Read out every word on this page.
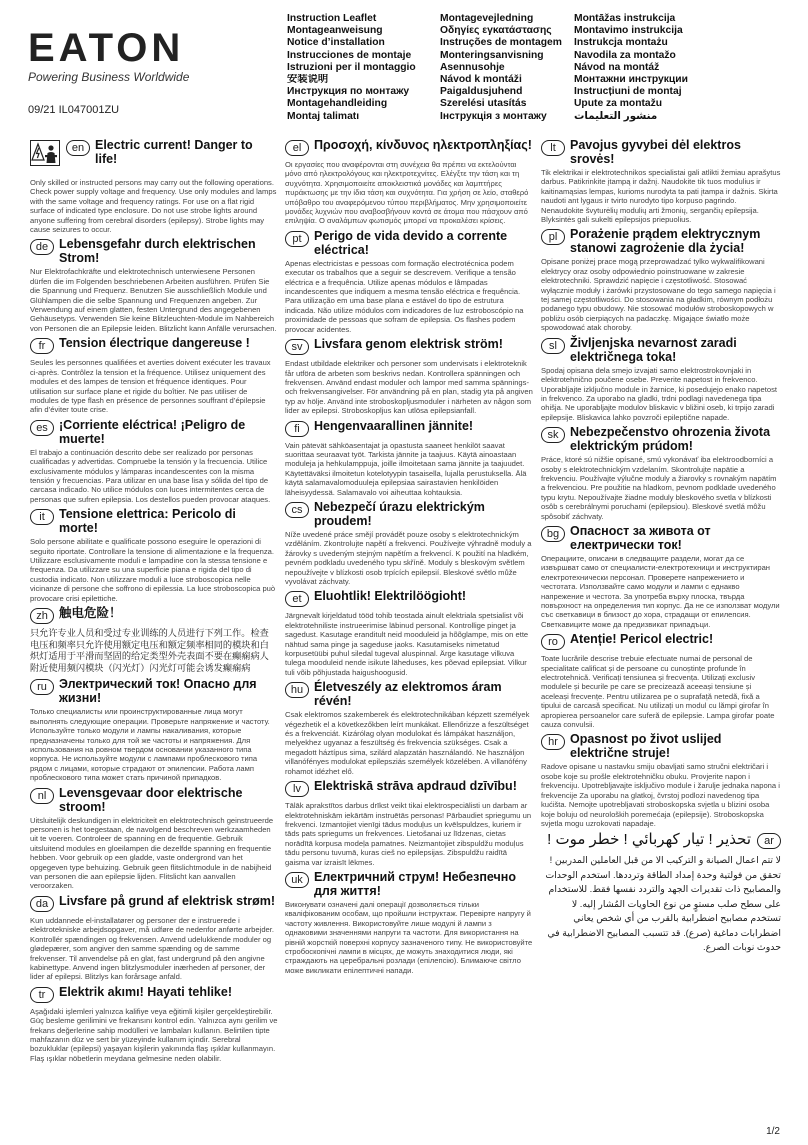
EATON
Powering Business Worldwide
09/21 IL047001ZU
Instruction Leaflet
Montageanweisung
Notice d’installation
Instrucciones de montaje
Istruzioni per il montaggio
安装说明
Инструкция по монтажу
Montagehandleiding
Montaj talimatı
Montagevejledning
Οδηγίες εγκατάστασης
Instruções de montagem
Monteringsanvisning
Asennusohje
Návod k montáži
Paigaldusjuhend
Szerelési utasítás
Інструкція з монтажу
Montāžas instrukcija
Montavimo instrukcija
Instrukcja montażu
Navodila za montažo
Návod na montáž
Монтажни инструкции
Instrucțiuni de montaj
Upute za montažu
منشور التعليمات
en Electric current! Danger to life!
Only skilled or instructed persons may carry out the following operations. Check power supply voltage and frequency. Use only modules and lamps with the same voltage and frequency ratings. For use on a flat rigid surface of indicated type enclosure. Do not use strobe lights around anyone suffering from cerebral disorders (epilepsy). Strobe lights may cause seizures to occur.
de Lebensgefahr durch elektrischen Strom!
Nur Elektrofachkräfte und elektrotechnisch unterwiesene Personen dürfen die im Folgenden beschriebenen Arbeiten ausführen. Prüfen Sie die Spannung und Frequenz. Benutzen Sie ausschließlich Module und Glühlampen die die selbe Spannung und Frequenzen angeben. Zur Verwendung auf einem glatten, festen Untergrund des angegebenen Gehäusetyps. Verwenden Sie keine Blitzleuchten-Module im Nahbereich von Personen die an Epilepsie leiden. Blitzlicht kann Anfälle verursachen.
fr	Tension électrique dangereuse !
Seules les personnes qualifiées et averties doivent exécuter les travaux ci-après. Contrôlez la tension et la fréquence. Utilisez uniquement des modules et des lampes de tension et fréquence identiques. Pour utilisation sur surface plane et rigide du boîtier. Ne pas utiliser de modules de type flash en présence de personnes souffrant d’épilepsie afin d’éviter toute crise.
es ¡Corriente eléctrica! ¡Peligro de muerte!
El trabajo a continuación descrito debe ser realizado por personas cualificadas y advertidas. Compruebe la tensión y la frecuencia. Utilice exclusivamente módulos y lámparas incandescentes con la misma tensión y frecuencias. Para utilizar en una base lisa y sólida del tipo de carcasa indicado. No utilice módulos con luces intermitentes cerca de personas que sufren epilepsia. Los destellos pueden provocar ataques.
it	Tensione elettrica: Pericolo di morte!
Solo persone abilitate e qualificate possono eseguire le operazioni di seguito riportate. Controllare la tensione di alimentazione e la frequenza. Utilizzare esclusivamente moduli e lampadine con la stessa tensione e frequenza. Da utilizzare su una superficie piana e rigida del tipo di custodia indicato. Non utilizzare moduli a luce stroboscopica nelle vicinanze di persone che soffrono di epilessia. La luce stroboscopica può provocare crisi epilettiche.
zh 触电危险！
只允许专业人员和受过专业训练的人员进行下列工作。检查电压和频率只允许使用额定电压和额定频率相同的模块和白炽灯适用于平滑而坚固的给定类型外壳表面不要在癫痫病人附近使用频闪模块（闪光灯）闪光灯可能会诱发癫痫病
ru Электрический ток! Опасно для жизни!
Только специалисты или проинструктированные лица могут выполнять следующие операции. Проверьте напряжение и частоту. Используйте только модули и лампы накаливания, которые предназначены только для той же частоты и напряжения. Для использования на ровном твердом основании указанного типа корпуса. Не используйте модули с лампами проблескового типа рядом с лицами, которые страдают от эпилепсии. Работа ламп проблескового типа может стать причиной припадков.
nl	Levensgevaar door elektrische stroom!
Uitsluitelijk deskundigen in elektriciteit en elektrotechnisch geinstrueerde personen is het toegestaan, de navolgend beschreven werkzaamheden uit te voeren. Controleer de spanning en de frequentie. Gebruik uitsluitend modules en gloeilampen die dezelfde spanning en frequentie hebben. Voor gebruik op een gladde, vaste ondergrond van het opgegeven type behuizing. Gebruik geen flitslichtmodule in de nabijheid van personen die aan epilepsie lijden. Flitslicht kan aanvallen veroorzaken.
da Livsfare på grund af elektrisk strøm!
Kun uddannede el-installatører og personer der e instruerede i elektrotekniske arbejdsopgaver, må udføre de nedenfor anførte arbejder. Kontrollér spændingen og frekvensen. Anvend udelukkende moduler og glødepærer, som angiver den samme spænding og de samme frekvenser. Til anvendelse på en glat, fast undergrund på den angivne kabinettype. Anvend ingen blitzlysmoduler inærheden af personer, der lider af epilepsi. Blitzlys kan forårsage anfald.
tr	Elektrik akımı! Hayati tehlike!
Aşağıdaki işlemleri yalnızca kalifiye veya eğitimli kişiler gerçekleştirebilir. Güç besleme gerilimini ve frekansını kontrol edin. Yalnızca aynı gerilim ve frekans değerlerine sahip modülleri ve lambaları kullanın. Belirtilen tipte mahfazanın düz ve sert bir yüzeyinde kullanım içindir. Serebral bozukluklar (epilepsi) yaşayan kişilerin yakınında flaş ışıklar kullanmayın. Flaş ışıklar nöbetlerin meydana gelmesine neden olabilir.
el	Προσοχή, κίνδυνος ηλεκτροπληξίας!
Οι εργασίες που αναφέρονται στη συνέχεια θα πρέπει να εκτελούνται μόνο από ηλεκτρολόγους και ηλεκτροτεχνίτες. Ελέγξτε την τάση και τη συχνότητα. Χρησιμοποιείτε αποκλειστικά μονάδες και λαμπτήρες πυράκτωσης με την ίδια τάση και συχνότητα. Για χρήση σε λείο, σταθερό υπόβαθρο του αναφερόμενου τύπου περιβλήματος. Μην χρησιμοποιείτε μονάδες λυχνιών που αναβοσβήνουν κοντά σε άτομα που πάσχουν από επιληψία. Ο αναλάμπων φωτισμός μπορεί να προκαλέσει κρίσεις.
pt Perigo de vida devido a corrente eléctrica!
Apenas electricistas e pessoas com formação electrotécnica podem executar os trabalhos que a seguir se descrevem. Verifique a tensão eléctrica e a frequência. Utilize apenas módulos e lâmpadas incandescentes que indiquem a mesma tensão eléctrica e frequência. Para utilização em uma base plana e estável do tipo de estrutura indicada. Não utilize módulos com indicadores de luz estroboscópio na proximidade de pessoas que sofram de epilepsia. Os flashes podem provocar acidentes.
sv Livsfara genom elektrisk ström!
Endast utbildade elektriker och personer som undervisats i elektroteknik får utföra de arbeten som beskrivs nedan. Kontrollera spänningen och frekvensen. Använd endast moduler och lampor med samma spännings- och frekvensangivelser. För användning på en plan, stadig yta på angiven typ av hölje. Använd inte stroboskopljusmoduler i närheten av någon som lider av epilepsi. Stroboskopljus kan utlösa epilepsianfall.
fi	Hengenvaarallinen jännite!
Vain pätevät sähköasentajat ja opastusta saaneet henkilöt saavat suorittaa seuraavat työt. Tarkista jännite ja taajuus. Käytä ainoastaan moduleja ja hehkulamppuja, joille ilmoitetaan sama jännite ja taajuudet. Käytettäväksi ilmoitetun kotelotyypin tasaisella, lujalla perustuksella. Älä käytä salamavalomoduuleja epilepsiaa sairastavien henkilöiden läheisyydessä. Salamavalo voi aiheuttaa kohtauksia.
cs Nebezpečí úrazu elektrickým proudem!
Níže uvedené práce smějí provádět pouze osoby s elektrotechnickým vzděláním. Zkontrolujte napětí a frekvenci. Používejte výhradně moduly a žárovky s uvedeným stejným napětím a frekvencí. K použití na hladkém, pevném podkladu uvedeného typu skříně. Moduly s bleskovým světlem nepoužívejte v blízkosti osob trpících epilepsií. Bleskové světlo může vyvolávat záchvaty.
et Eluohtlik! Elektrilöögioht!
Järgnevalt kirjeldatud tööd tohib teostada ainult elektriala spetsialist või elektrotehniliste instrueerimise läbinud personal. Kontrollige pinget ja sagedust. Kasutage eranditult neid mooduleid ja hõõglampe, mis on ette nähtud sama pinge ja sageduse jaoks. Kasutamiseks nimetatud korpusetüübi puhul siledal tugeval aluspinnal. Ärge kasutage vilkuva tulega mooduleid nende isikute läheduses, kes põevad epilepsiat. Vilkur tuli võib põhjustada haigushoogusid.
hu Életveszély az elektromos áram révén!
Csak elektromos szakemberek és elektrotechnikában képzett személyek végezhetik el a következőkben leírt munkákat. Ellenőrizze a feszültséget és a frekvenciát. Kizárólag olyan modulokat és lámpákat használjon, melyekhez ugyanaz a feszültség és frekvencia szükséges. Csak a megadott háztípus sima, szilárd alapzatán használandó. Ne használjon villanófényes modulokat epilepsziás személyek közelében. A villanófény rohamot idézhet elő.
lv	Elektriskā strāva apdraud dzīvību!
Tālāk aprakstītos darbus drīkst veikt tikai elektrospeciālisti un darbam ar elektrotehniskām iekārtām instruētās personas! Pārbaudiet spriegumu un frekvenci. Izmantojiet vienīgi tādus moduļus un kvēlspuldzes, kuriem ir tāds pats spriegums un frekvences. Lietošanai uz līdzenas, cietas norādītā korpusa modeļa pamatnes. Neizmantojiet zibspuldžu moduļus tādu personu tuvumā, kuras cieš no epilepsijas. Zibspuldžu raidītā gaisma var izraisīt lēkmes.
uk Електричний струм! Небезпечно для життя!
Виконувати означені далі операції дозволяється тільки кваліфікованим особам, що пройшли інструктаж. Перевірте напругу й частоту живлення. Використовуйте лише модулі й лампи з однаковими значеннями напруги та частоти. Для використання на рівній жорсткій поверхні корпусу зазначеного типу. Не використовуйте стробоскопічні лампи в місцях, де можуть знаходитися люди, які страждають на церебральні розлади (епілепсію). Блимаюче світло може викликати епілептичні напади.
lt	Pavojus gyvybei dėl elektros srovės!
Tik elektrikai ir elektrotechnikos specialistai gali atlikti žemiau aprašytus darbus. Patikrinkite įtampą ir dažnį. Naudokite tik tuos modulius ir kaitinamąsias lempas, kurioms nurodyta ta pati įtampa ir dažnis. Skirta naudoti ant lygaus ir tvirto nurodyto tipo korpuso pagrindo. Nenaudokite švyturėlių modulių arti žmonių, sergančių epilepsija. Blyksintės gali sukelti epilepsijos priepuolius.
pl	Porażenie prądem elektrycznym stanowi zagrożenie dla życia!
Opisane poniżej prace mogą przeprowadzać tylko wykwalifikowani elektrycy oraz osoby odpowiednio poinstruowane w zakresie elektrotechniki. Sprawdzić napięcie i częstotliwość. Stosować wyłącznie moduły i żarówki przystosowane do tego samego napięcia i tej samej częstotliwości. Do stosowania na gładkim, równym podłożu podanego typu obudowy. Nie stosować modułów stroboskopowych w pobliżu osób cierpiących na padaczkę. Migające światło może spowodować atak choroby.
sl	Življenjska nevarnost zaradi električnega toka!
Spodaj opisana dela smejo izvajati samo elektrostrokovnjaki in elektrotehnično poučene osebe. Preverite napetost in frekvenco. Uporabljajte izključno module in žarnice, ki posedujejo enako napetost in frekvenco. Za uporabo na gladki, trdni podlagi navedenega tipa ohišja. Ne uporabljajte modulov bliskavic v bližini oseb, ki trpijo zaradi epilepsije. Bliskavica lahko povzroči epileptične napade.
sk Nebezpečenstvo ohrozenia života elektrickým prúdom!
Práce, ktoré sú nižšie opísané, smú vykonávať iba elektroodborníci a osoby s elektrotechnickým vzdelaním. Skontrolujte napätie a frekvenciu. Používajte výlučne moduly a žiarovky s rovnakým napätím a frekvenciou. Pre použitie na hladkom, pevnom podklade uvedeného typu krytu. Nepoužívajte žiadne moduly bleskového svetla v blízkosti osôb s cerebrálnymi poruchami (epilepsiou). Bleskové svetlá môžu spôsobiť záchvaty.
bg Опасност за живота от електрически ток!
Операциите, описани в следващите раздели, могат да се извършват само от специалисти-електротехници и инструктиран електротехнически персонал. Проверете напрежението и честотата. Използвайте само модули и лампи с еднакво напрежение и честота. За употреба върху плоска, твърда повърхност на определения тип корпус. Да не се използват модули със светкавици в близост до хора, страдащи от епилепсия. Светкавиците може да предизвикат припадъци.
ro Atenție! Pericol electric!
Toate lucrările descrise trebuie efectuate numai de personal de specialitate calificat și de persoane cu cunoștințe profunde în electrotehnică. Verificați tensiunea și frecvența. Utilizați exclusiv modulele și becurile pe care se precizează aceeași tensiune și aceleași frecvențe. Pentru utilizarea pe o suprafață netedă, fixă a tipului de carcasă specificat. Nu utilizați un modul cu lămpi girofar în apropierea persoanelor care suferă de epilepsie. Lampa girofar poate cauza convulsii.
hr Opasnost po život uslijed električne struje!
Radove opisane u nastavku smiju obavljati samo stručni električari i osobe koje su prošle elektrotehničku obuku. Provjerite napon i frekvenciju. Upotrebljavajte isključivo module i žarulje jednaka napona i frekvencije Za uporabu na glatkoj, čvrstoj podlozi navedenog tipa kućišta. Nemojte upotrebljavati stroboskopska svjetla u blizini osoba koje boluju od neuroloških poremećaja (epilepsije). Stroboskopska svjetla mogu uzrokovati napadaje.
ar
تحذير ! تيار كهربائي ! خطر موت !
لا تتم اعمال الصيانة و التركيب الا من قبل العاملين المدربين ! تحقق من فولتية وحدة إمداد الطاقة وترددها. استخدم الوحدات والمصابيح ذات تقديرات الجهد والتردد نفسها فقط. للاستخدام على سطح صلب مستوٍ من نوع الحاويات المُشار إليه. لا تستخدم مصابيح اضطرابية بالقرب من أي شخص يعاني اضطرابات دماغية (صرع). قد تتسبب المصابيح الاضطرابية في حدوث نوبات الصرع.
1/2
